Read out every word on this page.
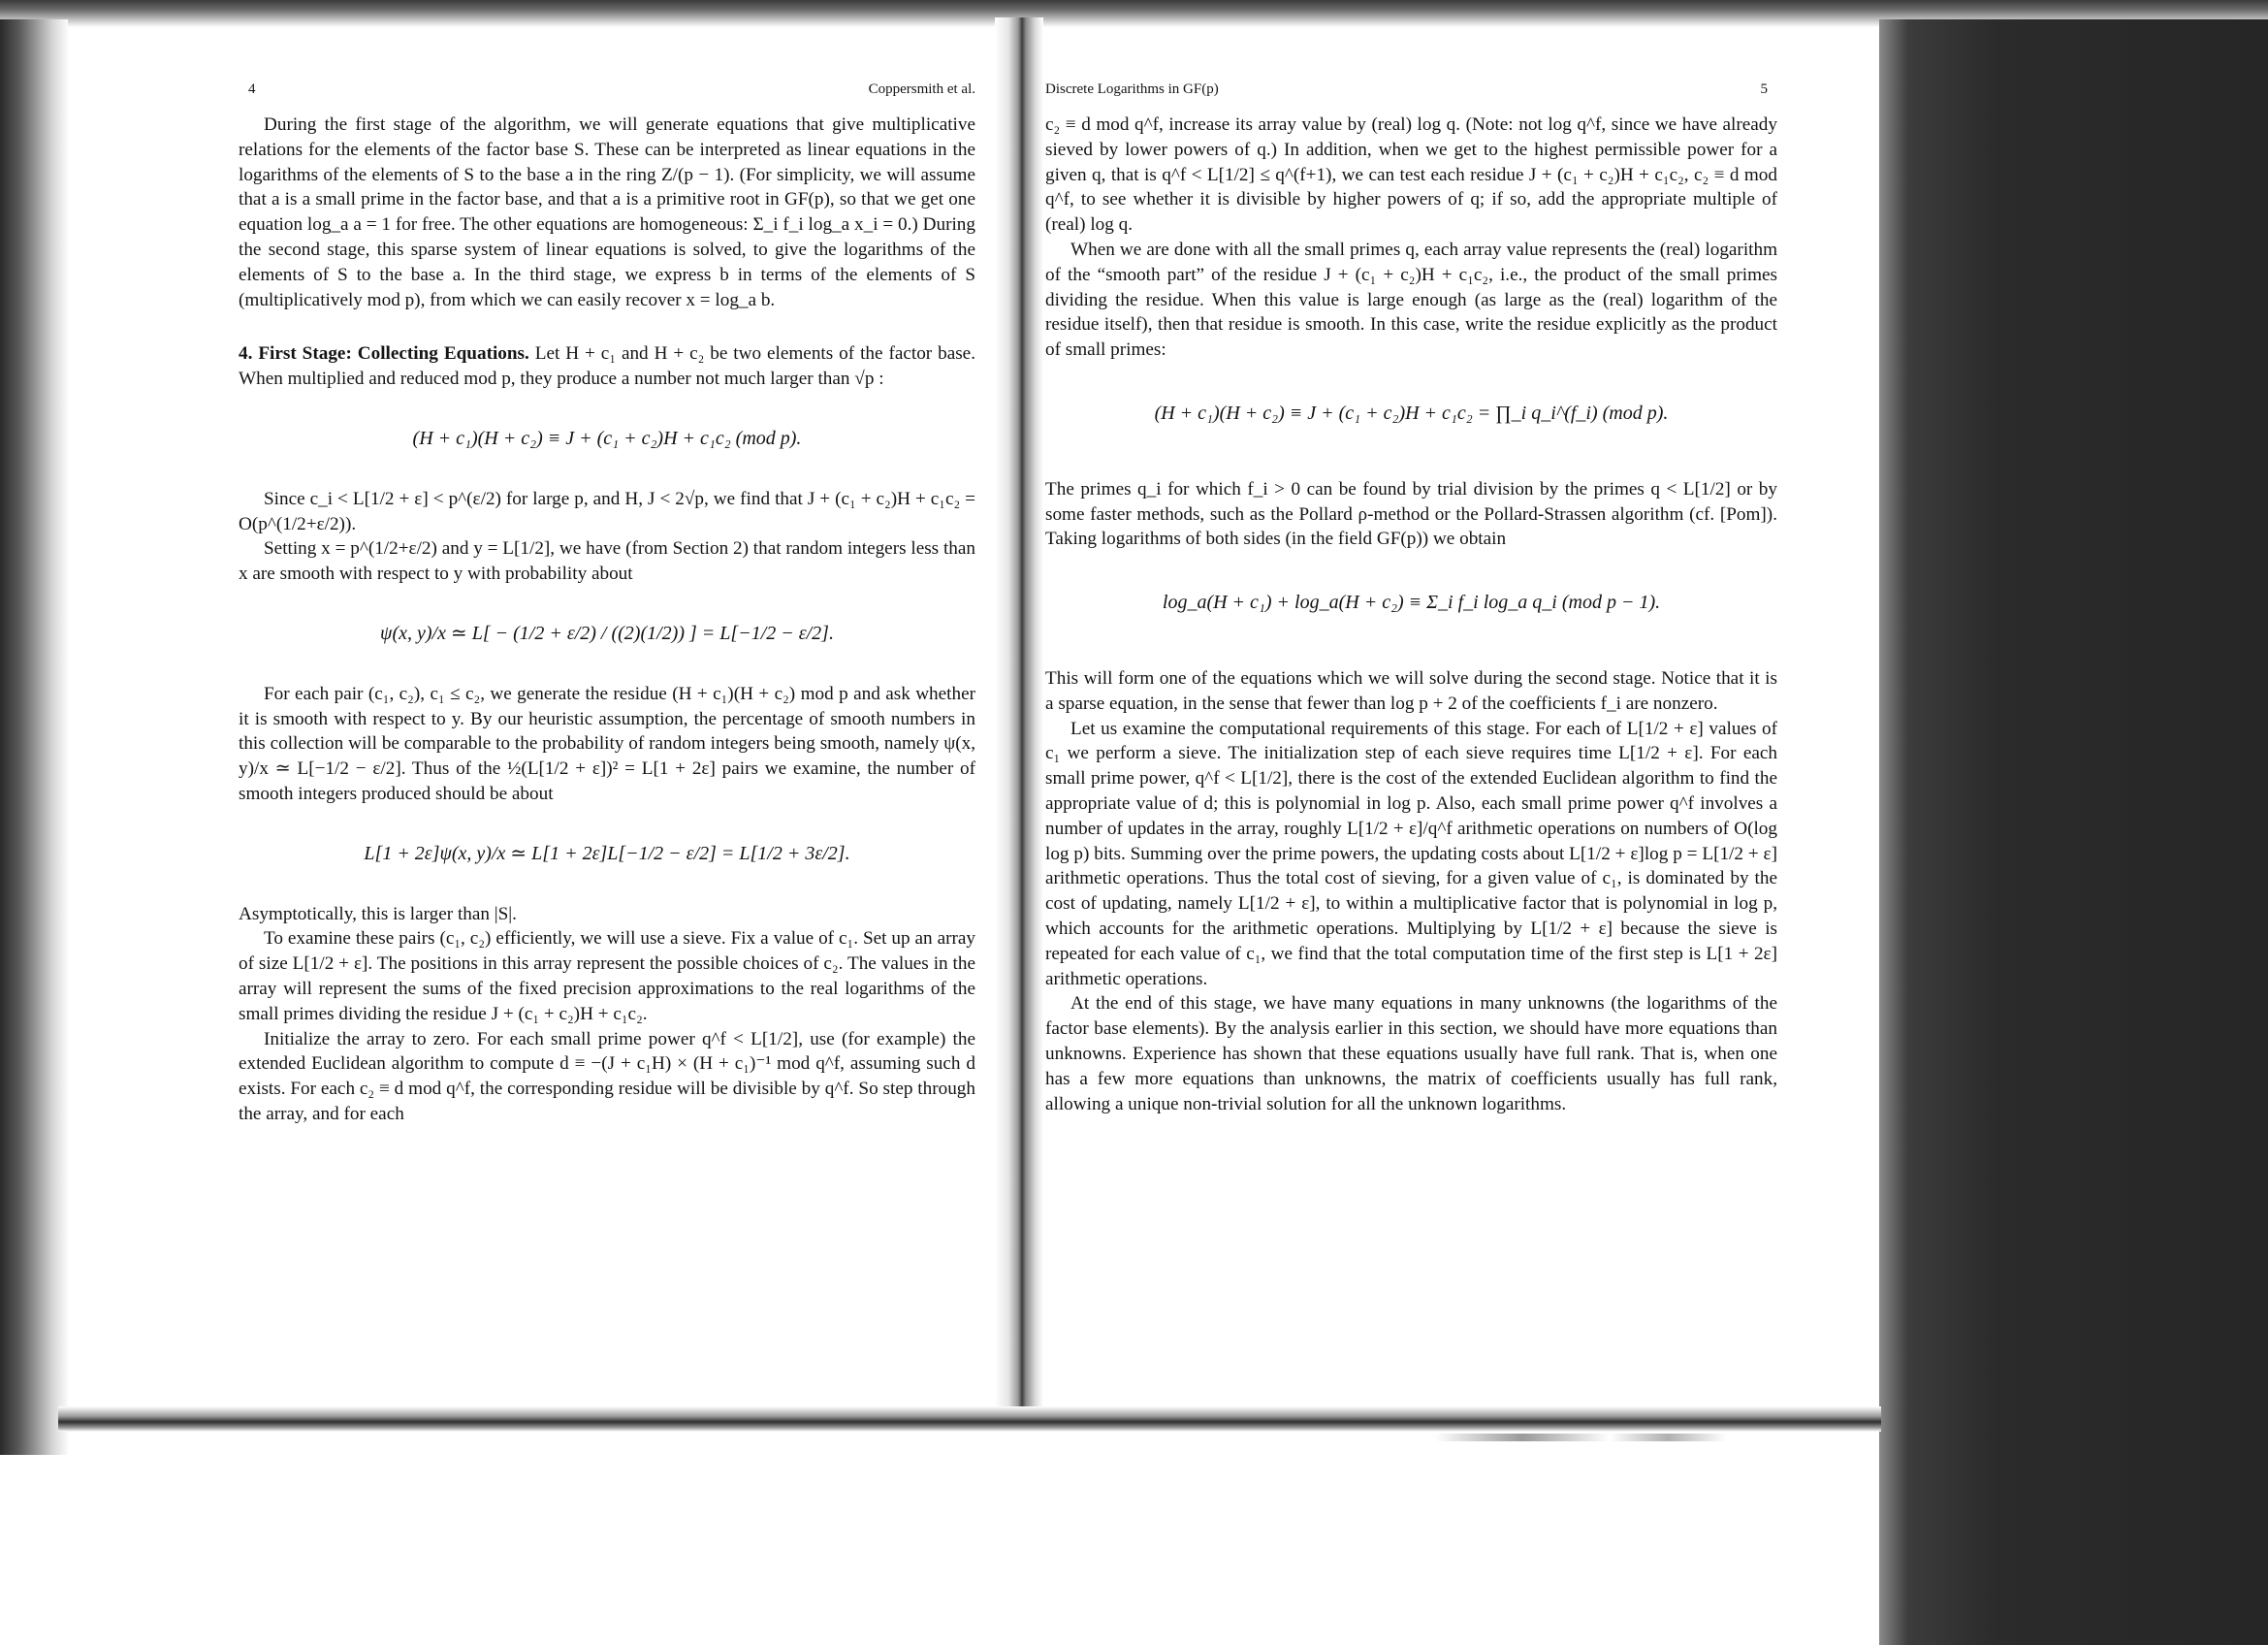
4	Coppersmith et al.

During the first stage of the algorithm, we will generate equations that give multiplicative relations for the elements of the factor base S. These can be interpreted as linear equations in the logarithms of the elements of S to the base a in the ring Z/(p − 1). (For simplicity, we will assume that a is a small prime in the factor base, and that a is a primitive root in GF(p), so that we get one equation log_a a = 1 for free. The other equations are homogeneous: Σ_i f_i log_a x_i = 0.) During the second stage, this sparse system of linear equations is solved, to give the logarithms of the elements of S to the base a. In the third stage, we express b in terms of the elements of S (multiplicatively mod p), from which we can easily recover x = log_a b.

4. First Stage: Collecting Equations. Let H + c₁ and H + c₂ be two elements of the factor base. When multiplied and reduced mod p, they produce a number not much larger than √p :

(H + c₁)(H + c₂) ≡ J + (c₁ + c₂)H + c₁c₂ (mod p).

Since c_i < L[1/2 + ε] < p^(ε/2) for large p, and H, J < 2√p, we find that J + (c₁ + c₂)H + c₁c₂ = O(p^(1/2+ε/2)).

Setting x = p^(1/2+ε/2) and y = L[1/2], we have (from Section 2) that random integers less than x are smooth with respect to y with probability about

ψ(x, y)/x ≃ L[ − (1/2 + ε/2) / ((2)(1/2)) ] = L[−1/2 − ε/2].

For each pair (c₁, c₂), c₁ ≤ c₂, we generate the residue (H + c₁)(H + c₂) mod p and ask whether it is smooth with respect to y. By our heuristic assumption, the percentage of smooth numbers in this collection will be comparable to the probability of random integers being smooth, namely ψ(x, y)/x ≃ L[−1/2 − ε/2]. Thus of the ½(L[1/2 + ε])² = L[1 + 2ε] pairs we examine, the number of smooth integers produced should be about

L[1 + 2ε]ψ(x, y)/x ≃ L[1 + 2ε]L[−1/2 − ε/2] = L[1/2 + 3ε/2].

Asymptotically, this is larger than |S|.

To examine these pairs (c₁, c₂) efficiently, we will use a sieve. Fix a value of c₁. Set up an array of size L[1/2 + ε]. The positions in this array represent the possible choices of c₂. The values in the array will represent the sums of the fixed precision approximations to the real logarithms of the small primes dividing the residue J + (c₁ + c₂)H + c₁c₂.

Initialize the array to zero. For each small prime power q^f < L[1/2], use (for example) the extended Euclidean algorithm to compute d ≡ −(J + c₁H) × (H + c₁)⁻¹ mod q^f, assuming such d exists. For each c₂ ≡ d mod q^f, the corresponding residue will be divisible by q^f. So step through the array, and for each

Discrete Logarithms in GF(p)	5

c₂ ≡ d mod q^f, increase its array value by (real) log q. (Note: not log q^f, since we have already sieved by lower powers of q.) In addition, when we get to the highest permissible power for a given q, that is q^f < L[1/2] ≤ q^(f+1), we can test each residue J + (c₁ + c₂)H + c₁c₂, c₂ ≡ d mod q^f, to see whether it is divisible by higher powers of q; if so, add the appropriate multiple of (real) log q.

When we are done with all the small primes q, each array value represents the (real) logarithm of the “smooth part” of the residue J + (c₁ + c₂)H + c₁c₂, i.e., the product of the small primes dividing the residue. When this value is large enough (as large as the (real) logarithm of the residue itself), then that residue is smooth. In this case, write the residue explicitly as the product of small primes:

(H + c₁)(H + c₂) ≡ J + (c₁ + c₂)H + c₁c₂ = ∏_i q_i^(f_i) (mod p).

The primes q_i for which f_i > 0 can be found by trial division by the primes q < L[1/2] or by some faster methods, such as the Pollard ρ-method or the Pollard-Strassen algorithm (cf. [Pom]). Taking logarithms of both sides (in the field GF(p)) we obtain

log_a(H + c₁) + log_a(H + c₂) ≡ Σ_i f_i log_a q_i (mod p − 1).

This will form one of the equations which we will solve during the second stage. Notice that it is a sparse equation, in the sense that fewer than log p + 2 of the coefficients f_i are nonzero.

Let us examine the computational requirements of this stage. For each of L[1/2 + ε] values of c₁ we perform a sieve. The initialization step of each sieve requires time L[1/2 + ε]. For each small prime power, q^f < L[1/2], there is the cost of the extended Euclidean algorithm to find the appropriate value of d; this is polynomial in log p. Also, each small prime power q^f involves a number of updates in the array, roughly L[1/2 + ε]/q^f arithmetic operations on numbers of O(log log p) bits. Summing over the prime powers, the updating costs about L[1/2 + ε]log p = L[1/2 + ε] arithmetic operations. Thus the total cost of sieving, for a given value of c₁, is dominated by the cost of updating, namely L[1/2 + ε], to within a multiplicative factor that is polynomial in log p, which accounts for the arithmetic operations. Multiplying by L[1/2 + ε] because the sieve is repeated for each value of c₁, we find that the total computation time of the first step is L[1 + 2ε] arithmetic operations.

At the end of this stage, we have many equations in many unknowns (the logarithms of the factor base elements). By the analysis earlier in this section, we should have more equations than unknowns. Experience has shown that these equations usually have full rank. That is, when one has a few more equations than unknowns, the matrix of coefficients usually has full rank, allowing a unique non-trivial solution for all the unknown logarithms.
